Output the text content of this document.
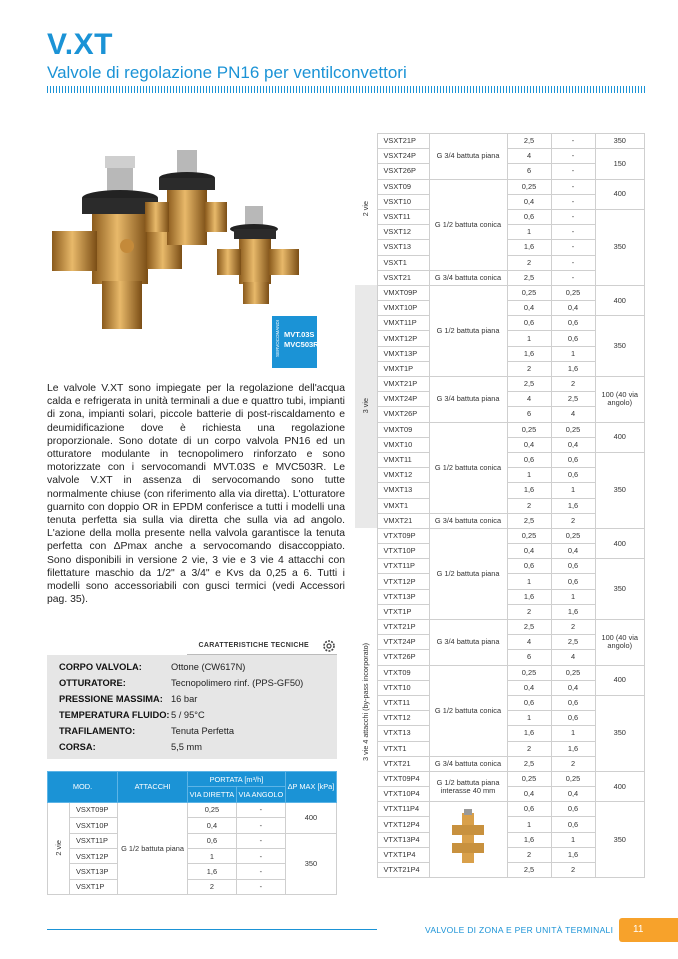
V.XT
Valvole di regolazione PN16 per ventilconvettori
SERVOCOMANDI MVT.03S
MVC503R

Le valvole V.XT sono impiegate per la regolazione dell'acqua calda e refrigerata in unità terminali a due e quattro tubi, impianti di zona, impianti solari, piccole batterie di post-riscaldamento e deumidificazione dove è richiesta una regolazione proporzionale. Sono dotate di un corpo valvola PN16 ed un otturatore modulante in tecnopolimero rinforzato e sono motorizzate con i servocomandi MVT.03S e MVC503R. Le valvole V.XT in assenza di servocomando sono tutte normalmente chiuse (con riferimento alla via diretta). L'otturatore guarnito con doppio OR in EPDM conferisce a tutti i modelli una tenuta perfetta sia sulla via diretta che sulla via ad angolo. L'azione della molla presente nella valvola garantisce la tenuta perfetta con ΔPmax anche a servocomando disaccoppiato. Sono disponibili in versione 2 vie, 3 vie e 3 vie 4 attacchi con filettature maschio da 1/2" a 3/4" e Kvs da 0,25 a 6. Tutti i modelli sono accessoriabili con gusci termici (vedi Accessori pag. 35).

CARATTERISTICHE TECNICHE
CORPO VALVOLA:	Ottone (CW617N)
OTTURATORE:	Tecnopolimero rinf. (PPS-GF50)
PRESSIONE MASSIMA: 16 bar
TEMPERATURA FLUIDO: 5 / 95°C
TRAFILAMENTO:	Tenuta Perfetta
CORSA:	5,5 mm
MOD.		ATTACCHI	PORTATA [m³/h]		ΔP MAX [kPa]
			VIA DIRETTA	VIA ANGOLO	
2 vie	VSXT09P	G 1/2 battuta piana	0,25	-	400
	VSXT10P		0,4	-	
	VSXT11P		0,6	-	350
	VSXT12P		1	-	
	VSXT13P		1,6	-	
	VSXT1P		2	-	
2 vie	VSXT21P	G 3/4 battuta piana	2,5	-	350
	VSXT24P		4	-	150
	VSXT26P		6	-	
	VSXT09	G 1/2 battuta conica	0,25	-	400
	VSXT10		0,4	-	
	VSXT11		0,6	-	350
	VSXT12		1	-	
	VSXT13		1,6	-	
	VSXT1		2	-	
	VSXT21	G 3/4 battuta conica	2,5	-	
3 vie	VMXT09P	G 1/2 battuta piana	0,25	0,25	400
	VMXT10P		0,4	0,4	
	VMXT11P		0,6	0,6	350
	VMXT12P		1	0,6	
	VMXT13P		1,6	1	
	VMXT1P		2	1,6	
	VMXT21P	G 3/4 battuta piana	2,5	2	100 (40 via angolo)
	VMXT24P		4	2,5	
	VMXT26P		6	4	
	VMXT09	G 1/2 battuta conica	0,25	0,25	400
	VMXT10		0,4	0,4	
	VMXT11		0,6	0,6	350
	VMXT12		1	0,6	
	VMXT13		1,6	1	
	VMXT1		2	1,6	
	VMXT21	G 3/4 battuta conica	2,5	2	
3 vie 4 attacchi (by-pass incorporato)	VTXT09P	G 1/2 battuta piana	0,25	0,25	400
	VTXT10P		0,4	0,4	
	VTXT11P		0,6	0,6	350
	VTXT12P		1	0,6	
	VTXT13P		1,6	1	
	VTXT1P		2	1,6	
	VTXT21P	G 3/4 battuta piana	2,5	2	100 (40 via angolo)
	VTXT24P		4	2,5	
	VTXT26P		6	4	
	VTXT09	G 1/2 battuta conica	0,25	0,25	400
	VTXT10		0,4	0,4	
	VTXT11		0,6	0,6	350
	VTXT12		1	0,6	
	VTXT13		1,6	1	
	VTXT1		2	1,6	
	VTXT21	G 3/4 battuta conica	2,5	2	
	VTXT09P4	G 1/2 battuta piana interasse 40 mm	0,25	0,25	400
	VTXT10P4		0,4	0,4	
	VTXT11P4		0,6	0,6	350
	VTXT12P4		1	0,6	
	VTXT13P4		1,6	1	
	VTXT1P4		2	1,6	
	VTXT21P4		2,5	2	
VALVOLE DI ZONA E PER UNITÀ TERMINALI	11
